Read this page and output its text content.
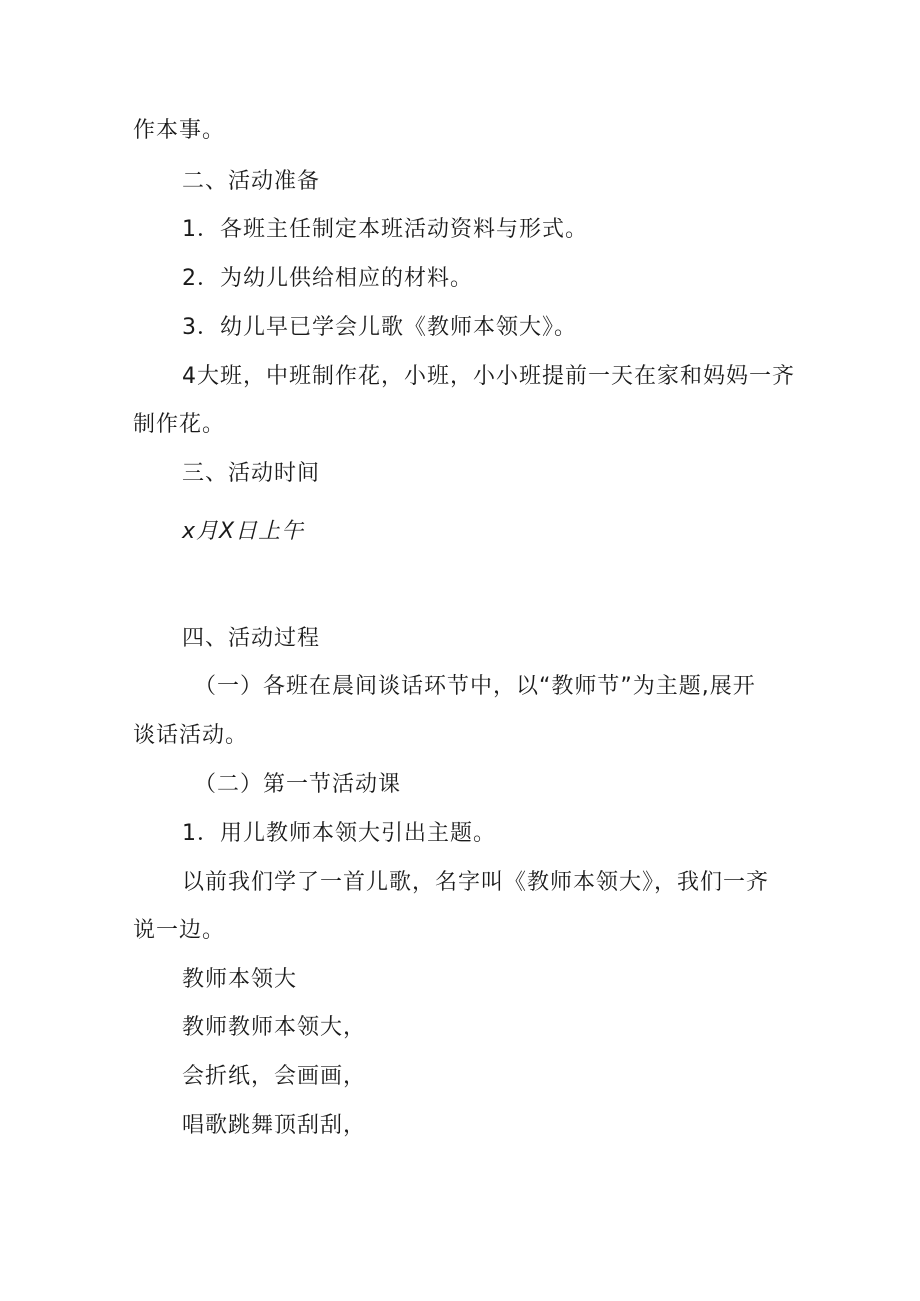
作本事。
二、活动准备
1．各班主任制定本班活动资料与形式。
2．为幼儿供给相应的材料。
3．幼儿早已学会儿歌《教师本领大》。
4大班，中班制作花，小班，小小班提前一天在家和妈妈一齐
制作花。
三、活动时间
x月X日上午
四、活动过程
（一）各班在晨间谈话环节中，以“教师节”为主题,展开
谈话活动。
（二）第一节活动课
1．用儿教师本领大引出主题。
以前我们学了一首儿歌，名字叫《教师本领大》，我们一齐
说一边。
教师本领大
教师教师本领大，
会折纸，会画画，
唱歌跳舞顶刮刮，
